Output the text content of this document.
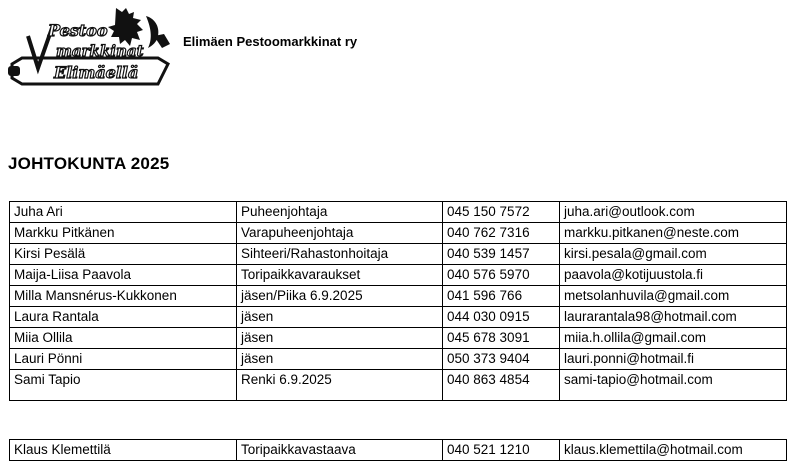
Pestoo
markkinat
Elimäellä
Elimäen Pestoomarkkinat ry
JOHTOKUNTA 2025
Juha Ari	Puheenjohtaja	045 150 7572	juha.ari@outlook.com
Markku Pitkänen	Varapuheenjohtaja	040 762 7316	markku.pitkanen@neste.com
Kirsi Pesälä	Sihteeri/Rahastonhoitaja	040 539 1457	kirsi.pesala@gmail.com
Maija-Liisa Paavola	Toripaikkavaraukset	040 576 5970	paavola@kotijuustola.fi
Milla Mansnérus-Kukkonen	jäsen/Piika 6.9.2025	041 596 766	metsolanhuvila@gmail.com
Laura Rantala	jäsen	044 030 0915	laurarantala98@hotmail.com
Miia Ollila	jäsen	045 678 3091	miia.h.ollila@gmail.com
Lauri Pönni	jäsen	050 373 9404	lauri.ponni@hotmail.fi
Sami Tapio	Renki 6.9.2025	040 863 4854	sami-tapio@hotmail.com

Klaus Klemettilä	Toripaikkavastaava	040 521 1210	klaus.klemettila@hotmail.com
